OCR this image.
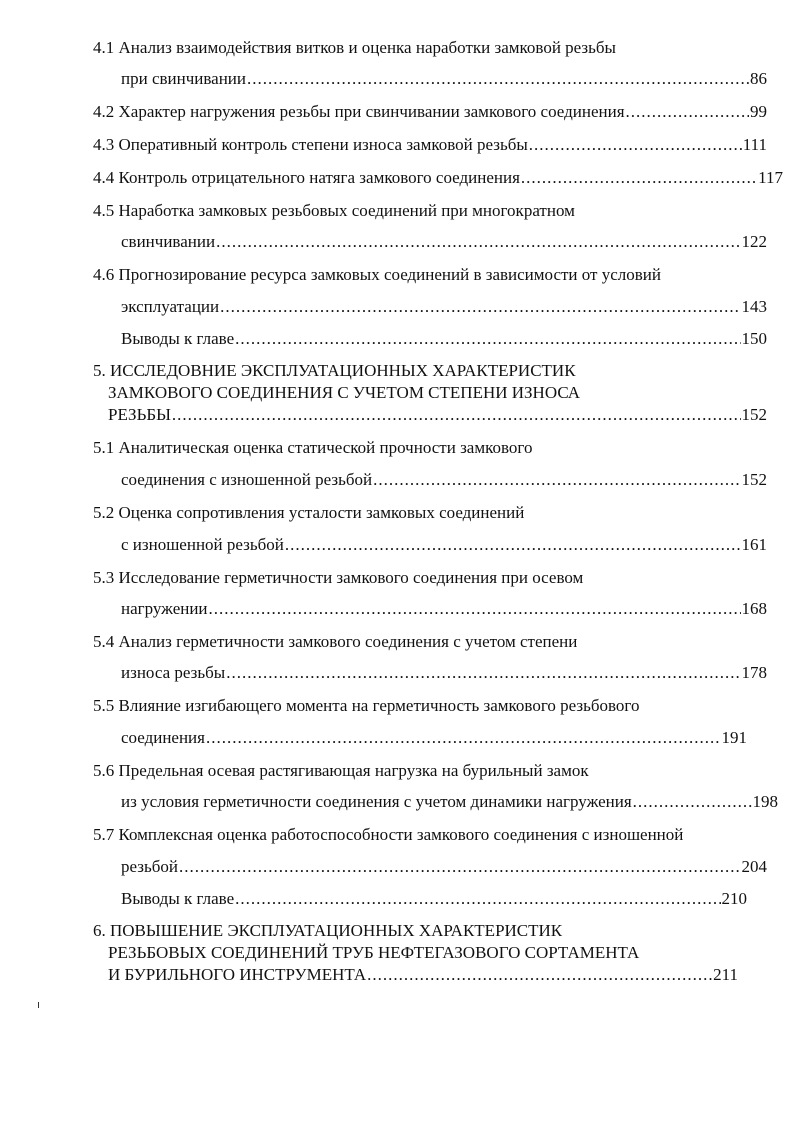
4.1 Анализ взаимодействия витков и оценка наработки замковой резьбы
при свинчивании .....	86
4.2 Характер нагружения резьбы при свинчивании замкового соединения .....	99
4.3 Оперативный контроль степени износа замковой резьбы .....	111
4.4 Контроль отрицательного натяга замкового соединения .....	117
4.5 Наработка замковых резьбовых соединений при многократном
свинчивании .....	122
4.6 Прогнозирование ресурса замковых соединений в зависимости от условий
эксплуатации .....	143
Выводы к главе .....	150
5. ИССЛЕДОВНИЕ ЭКСПЛУАТАЦИОННЫХ ХАРАКТЕРИСТИК
ЗАМКОВОГО СОЕДИНЕНИЯ С УЧЕТОМ СТЕПЕНИ ИЗНОСА
РЕЗЬБЫ .....	152
5.1 Аналитическая оценка статической прочности замкового
соединения с изношенной резьбой .....	152
5.2 Оценка сопротивления усталости замковых соединений
с изношенной резьбой .....	161
5.3 Исследование герметичности замкового соединения при осевом
нагружении .....	168
5.4 Анализ герметичности замкового соединения с учетом степени
износа резьбы .....	178
5.5 Влияние изгибающего момента на герметичность замкового резьбового
соединения .....	191
5.6 Предельная осевая растягивающая нагрузка на бурильный замок
из условия герметичности соединения с учетом динамики нагружения .....	198
5.7 Комплексная оценка работоспособности замкового соединения с изношенной
резьбой .....	204
Выводы к главе .....	210
6. ПОВЫШЕНИЕ ЭКСПЛУАТАЦИОННЫХ ХАРАКТЕРИСТИК
РЕЗЬБОВЫХ СОЕДИНЕНИЙ ТРУБ НЕФТЕГАЗОВОГО СОРТАМЕНТА
И БУРИЛЬНОГО ИНСТРУМЕНТА .....	211
